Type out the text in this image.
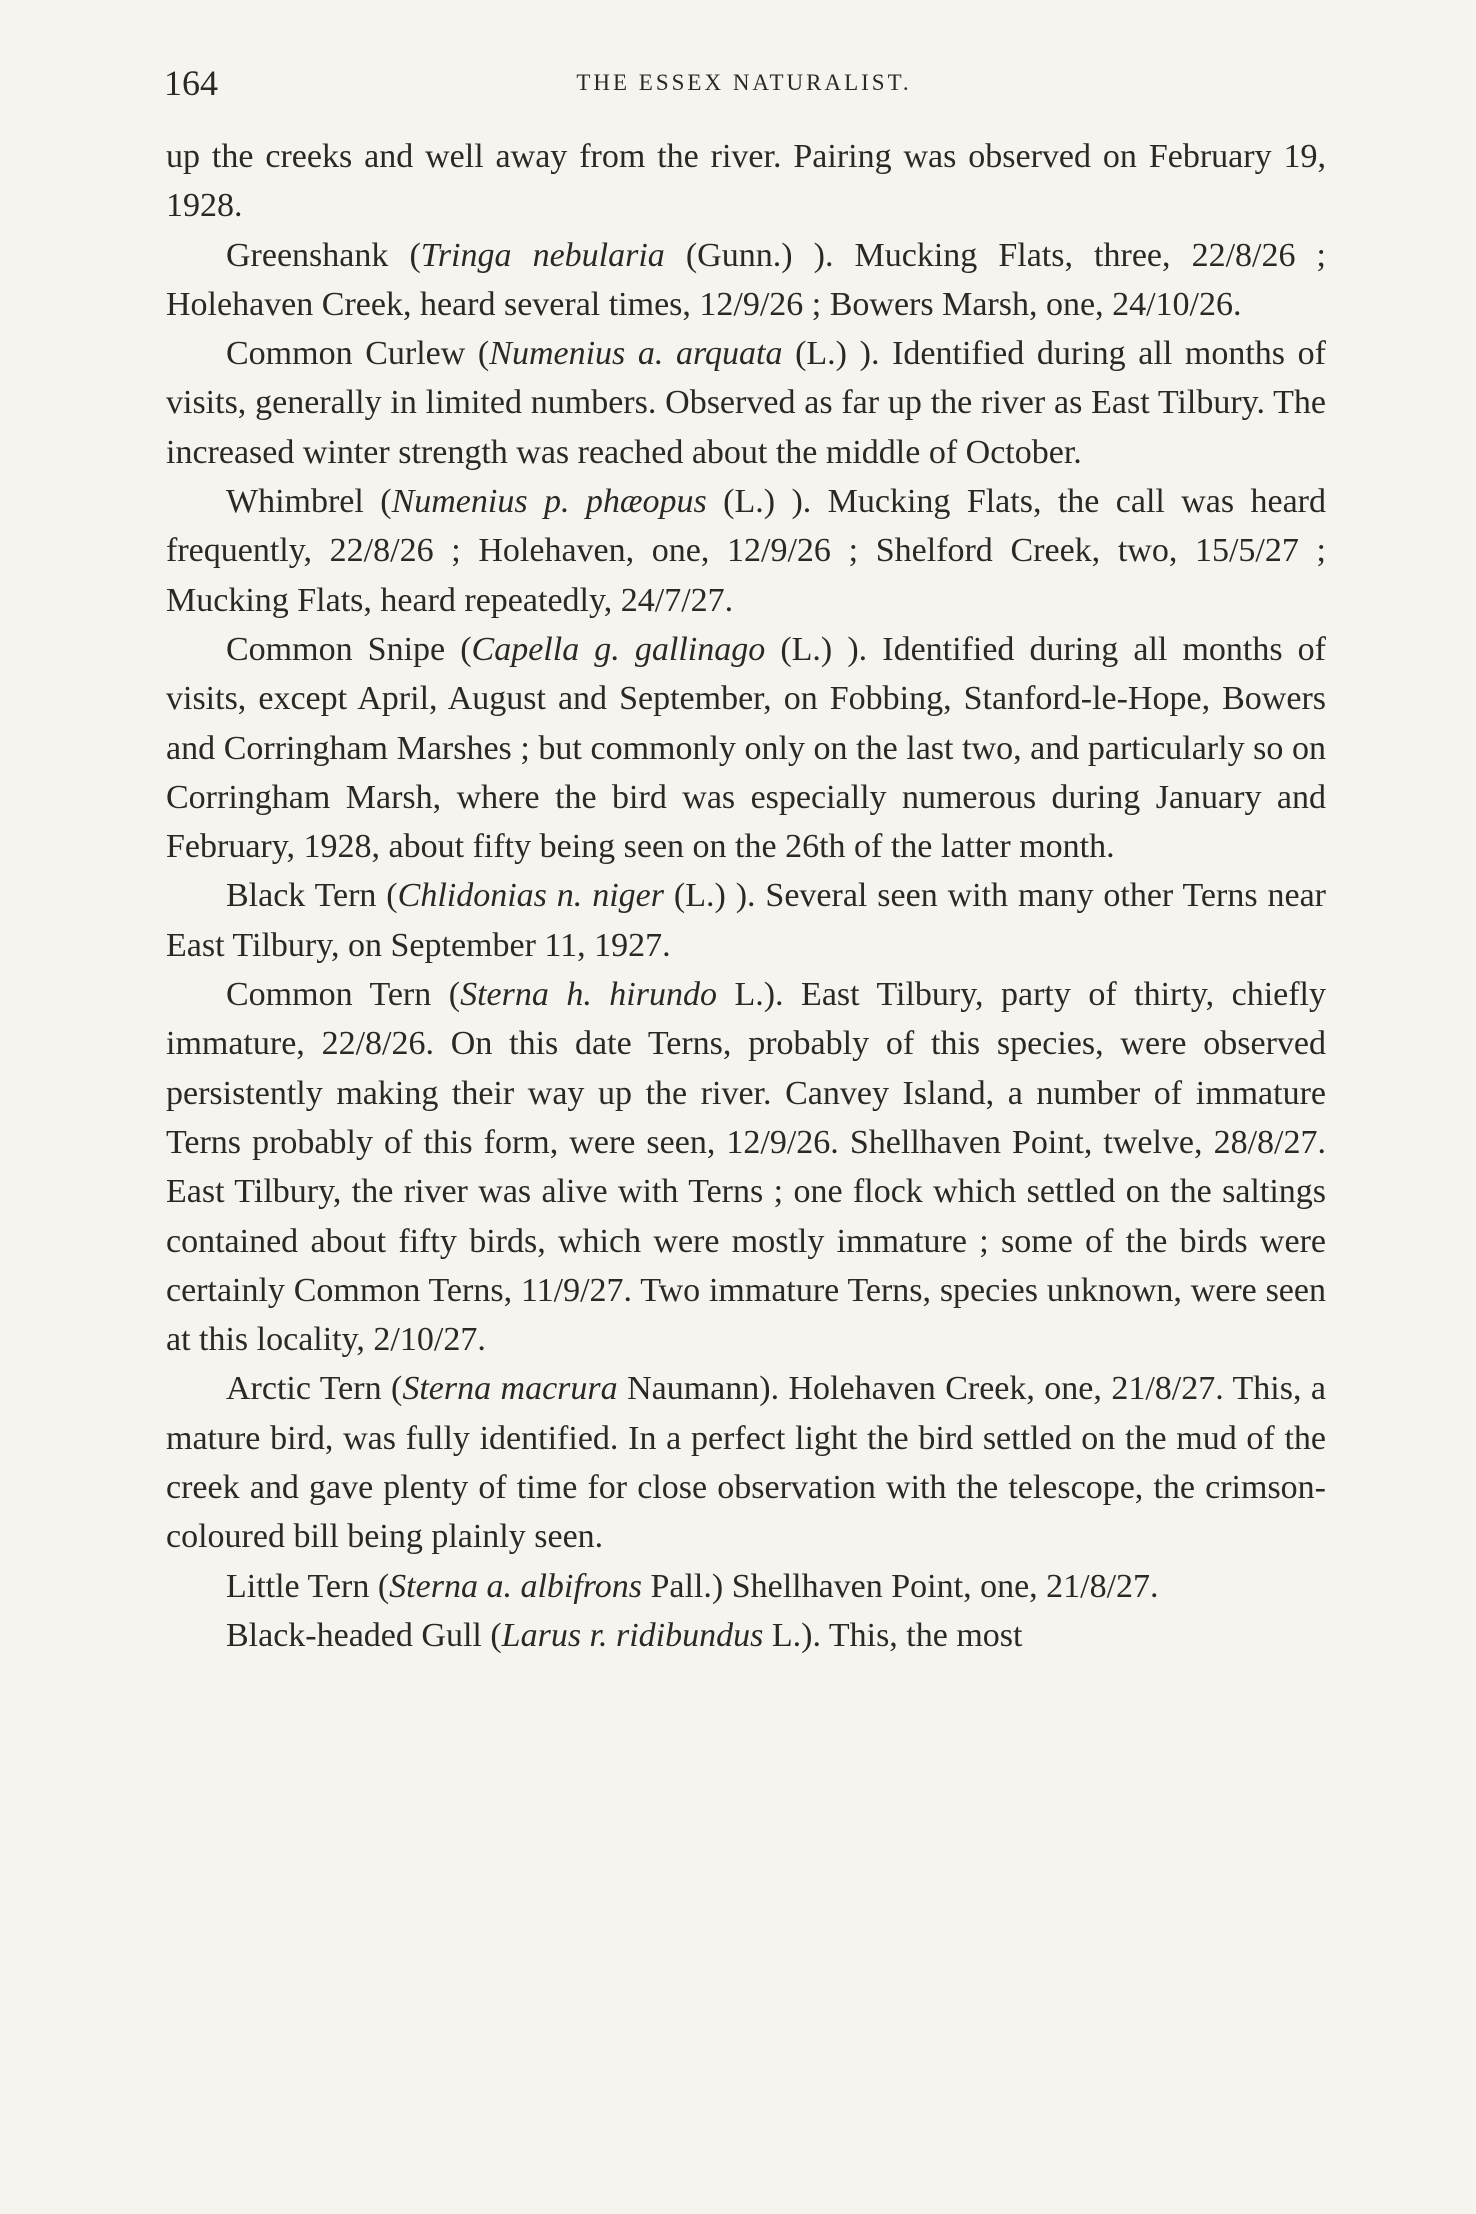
164	THE ESSEX NATURALIST.

up the creeks and well away from the river. Pairing was observed on February 19, 1928.

Greenshank (Tringa nebularia (Gunn.) ). Mucking Flats, three, 22/8/26 ; Holehaven Creek, heard several times, 12/9/26 ; Bowers Marsh, one, 24/10/26.

Common Curlew (Numenius a. arquata (L.) ). Identified during all months of visits, generally in limited numbers. Observed as far up the river as East Tilbury. The increased winter strength was reached about the middle of October.

Whimbrel (Numenius p. phæopus (L.) ). Mucking Flats, the call was heard frequently, 22/8/26 ; Holehaven, one, 12/9/26 ; Shelford Creek, two, 15/5/27 ; Mucking Flats, heard repeatedly, 24/7/27.

Common Snipe (Capella g. gallinago (L.) ). Identified during all months of visits, except April, August and September, on Fobbing, Stanford-le-Hope, Bowers and Corringham Marshes ; but commonly only on the last two, and particularly so on Corringham Marsh, where the bird was especially numerous during January and February, 1928, about fifty being seen on the 26th of the latter month.

Black Tern (Chlidonias n. niger (L.) ). Several seen with many other Terns near East Tilbury, on September 11, 1927.

Common Tern (Sterna h. hirundo L.). East Tilbury, party of thirty, chiefly immature, 22/8/26. On this date Terns, probably of this species, were observed persistently making their way up the river. Canvey Island, a number of immature Terns probably of this form, were seen, 12/9/26. Shellhaven Point, twelve, 28/8/27. East Tilbury, the river was alive with Terns ; one flock which settled on the saltings contained about fifty birds, which were mostly immature ; some of the birds were certainly Common Terns, 11/9/27. Two immature Terns, species unknown, were seen at this locality, 2/10/27.

Arctic Tern (Sterna macrura Naumann). Holehaven Creek, one, 21/8/27. This, a mature bird, was fully identified. In a perfect light the bird settled on the mud of the creek and gave plenty of time for close observation with the telescope, the crimson-coloured bill being plainly seen.

Little Tern (Sterna a. albifrons Pall.) Shellhaven Point, one, 21/8/27.

Black-headed Gull (Larus r. ridibundus L.). This, the most
